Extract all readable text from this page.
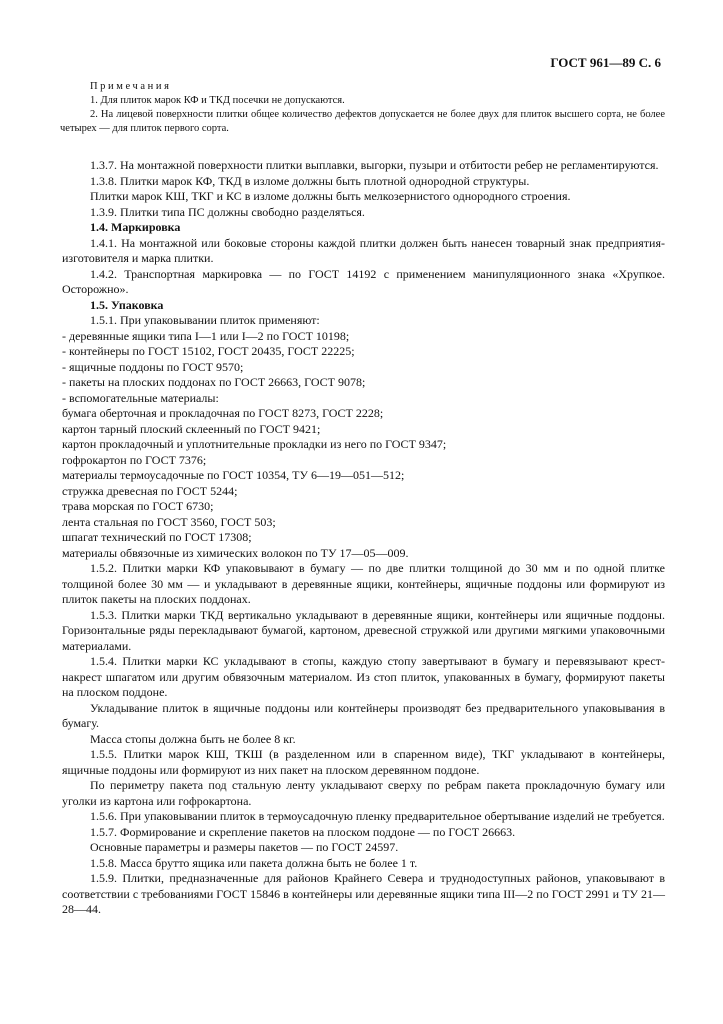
ГОСТ 961—89 С. 6

Примечания

1. Для плиток марок КФ и ТКД посечки не допускаются.

2. На лицевой поверхности плитки общее количество дефектов допускается не более двух для плиток высшего сорта, не более четырех — для плиток первого сорта.

1.3.7. На монтажной поверхности плитки выплавки, выгорки, пузыри и отбитости ребер не регламентируются.

1.3.8. Плитки марок КФ, ТКД в изломе должны быть плотной однородной структуры.

Плитки марок КШ, ТКГ и КС в изломе должны быть мелкозернистого однородного строения.

1.3.9. Плитки типа ПС должны свободно разделяться.

1.4. Маркировка

1.4.1. На монтажной или боковые стороны каждой плитки должен быть нанесен товарный знак предприятия-изготовителя и марка плитки.

1.4.2. Транспортная маркировка — по ГОСТ 14192 с применением манипуляционного знака «Хрупкое. Осторожно».

1.5. Упаковка

1.5.1. При упаковывании плиток применяют:

- деревянные ящики типа I—1 или I—2 по ГОСТ 10198;

- контейнеры по ГОСТ 15102, ГОСТ 20435, ГОСТ 22225;

- ящичные поддоны по ГОСТ 9570;

- пакеты на плоских поддонах по ГОСТ 26663, ГОСТ 9078;

- вспомогательные материалы:

бумага оберточная и прокладочная по ГОСТ 8273, ГОСТ 2228;

картон тарный плоский склеенный по ГОСТ 9421;

картон прокладочный и уплотнительные прокладки из него по ГОСТ 9347;

гофрокартон по ГОСТ 7376;

материалы термоусадочные по ГОСТ 10354, ТУ 6—19—051—512;

стружка древесная по ГОСТ 5244;

трава морская по ГОСТ 6730;

лента стальная по ГОСТ 3560, ГОСТ 503;

шпагат технический по ГОСТ 17308;

материалы обвязочные из химических волокон по ТУ 17—05—009.

1.5.2. Плитки марки КФ упаковывают в бумагу — по две плитки толщиной до 30 мм и по одной плитке толщиной более 30 мм — и укладывают в деревянные ящики, контейнеры, ящичные поддоны или формируют из плиток пакеты на плоских поддонах.

1.5.3. Плитки марки ТКД вертикально укладывают в деревянные ящики, контейнеры или ящичные поддоны. Горизонтальные ряды перекладывают бумагой, картоном, древесной стружкой или другими мягкими упаковочными материалами.

1.5.4. Плитки марки КС укладывают в стопы, каждую стопу завертывают в бумагу и перевязывают крест-накрест шпагатом или другим обвязочным материалом. Из стоп плиток, упакованных в бумагу, формируют пакеты на плоском поддоне.

Укладывание плиток в ящичные поддоны или контейнеры производят без предварительного упаковывания в бумагу.

Масса стопы должна быть не более 8 кг.

1.5.5. Плитки марок КШ, ТКШ (в разделенном или в спаренном виде), ТКГ укладывают в контейнеры, ящичные поддоны или формируют из них пакет на плоском деревянном поддоне.

По периметру пакета под стальную ленту укладывают сверху по ребрам пакета прокладочную бумагу или уголки из картона или гофрокартона.

1.5.6. При упаковывании плиток в термоусадочную пленку предварительное обертывание изделий не требуется.

1.5.7. Формирование и скрепление пакетов на плоском поддоне — по ГОСТ 26663.

Основные параметры и размеры пакетов — по ГОСТ 24597.

1.5.8. Масса брутто ящика или пакета должна быть не более 1 т.

1.5.9. Плитки, предназначенные для районов Крайнего Севера и труднодоступных районов, упаковывают в соответствии с требованиями ГОСТ 15846 в контейнеры или деревянные ящики типа III—2 по ГОСТ 2991 и ТУ 21—28—44.
